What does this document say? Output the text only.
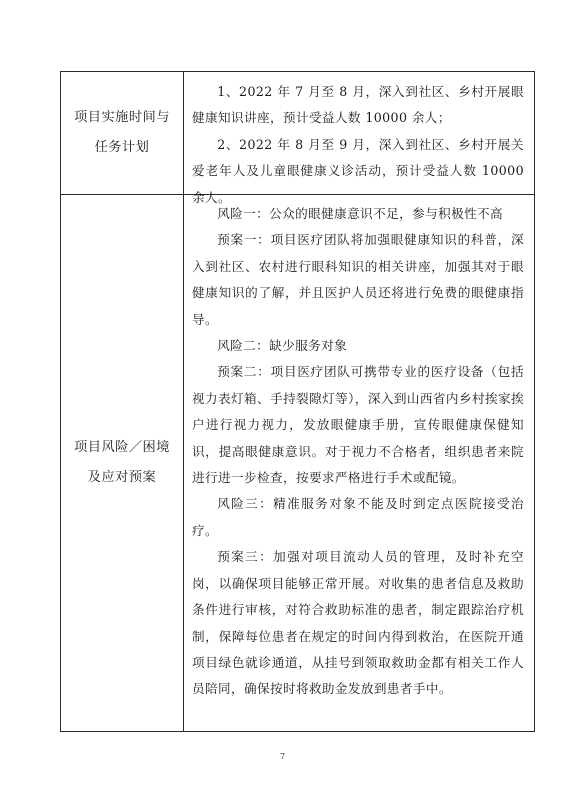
项目实施时间与任务计划

1、2022 年 7 月至 8 月，深入到社区、乡村开展眼健康知识讲座，预计受益人数 10000 余人；

2、2022 年 8 月至 9 月，深入到社区、乡村开展关爱老年人及儿童眼健康义诊活动，预计受益人数 10000 余人。

项目风险／困境及应对预案

风险一：公众的眼健康意识不足，参与积极性不高

预案一：项目医疗团队将加强眼健康知识的科普，深入到社区、农村进行眼科知识的相关讲座，加强其对于眼健康知识的了解，并且医护人员还将进行免费的眼健康指导。

风险二：缺少服务对象

预案二：项目医疗团队可携带专业的医疗设备（包括视力表灯箱、手持裂隙灯等），深入到山西省内乡村挨家挨户进行视力视力，发放眼健康手册，宣传眼健康保健知识，提高眼健康意识。对于视力不合格者，组织患者来院进行进一步检查，按要求严格进行手术或配镜。

风险三：精准服务对象不能及时到定点医院接受治疗。

预案三：加强对项目流动人员的管理，及时补充空岗，以确保项目能够正常开展。对收集的患者信息及救助条件进行审核，对符合救助标准的患者，制定跟踪治疗机制，保障每位患者在规定的时间内得到救治，在医院开通项目绿色就诊通道，从挂号到领取救助金都有相关工作人员陪同，确保按时将救助金发放到患者手中。

7
